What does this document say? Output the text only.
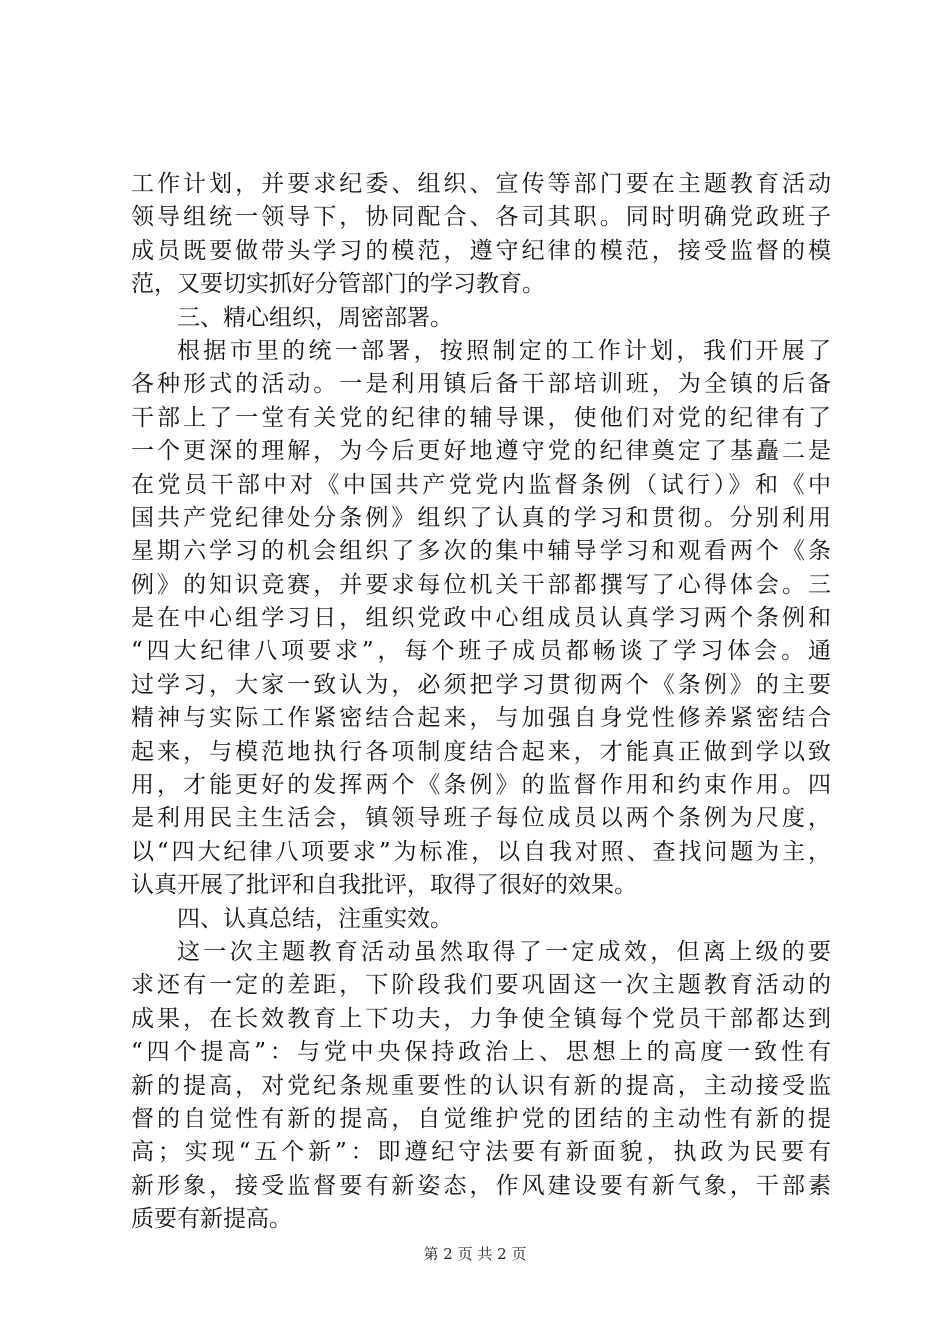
工作计划，并要求纪委、组织、宣传等部门要在主题教育活动
领导组统一领导下，协同配合、各司其职。同时明确党政班子
成员既要做带头学习的模范，遵守纪律的模范，接受监督的模
范，又要切实抓好分管部门的学习教育。
三、精心组织，周密部署。
根据市里的统一部署，按照制定的工作计划，我们开展了
各种形式的活动。一是利用镇后备干部培训班，为全镇的后备
干部上了一堂有关党的纪律的辅导课，使他们对党的纪律有了
一个更深的理解，为今后更好地遵守党的纪律奠定了基矗二是
在党员干部中对《中国共产党党内监督条例（试行）》和《中
国共产党纪律处分条例》组织了认真的学习和贯彻。分别利用
星期六学习的机会组织了多次的集中辅导学习和观看两个《条
例》的知识竞赛，并要求每位机关干部都撰写了心得体会。三
是在中心组学习日，组织党政中心组成员认真学习两个条例和
“四大纪律八项要求”，每个班子成员都畅谈了学习体会。通
过学习，大家一致认为，必须把学习贯彻两个《条例》的主要
精神与实际工作紧密结合起来，与加强自身党性修养紧密结合
起来，与模范地执行各项制度结合起来，才能真正做到学以致
用，才能更好的发挥两个《条例》的监督作用和约束作用。四
是利用民主生活会，镇领导班子每位成员以两个条例为尺度，
以“四大纪律八项要求”为标准，以自我对照、查找问题为主，
认真开展了批评和自我批评，取得了很好的效果。
四、认真总结，注重实效。
这一次主题教育活动虽然取得了一定成效，但离上级的要
求还有一定的差距，下阶段我们要巩固这一次主题教育活动的
成果，在长效教育上下功夫，力争使全镇每个党员干部都达到
“四个提高”：与党中央保持政治上、思想上的高度一致性有
新的提高，对党纪条规重要性的认识有新的提高，主动接受监
督的自觉性有新的提高，自觉维护党的团结的主动性有新的提
高；实现“五个新”：即遵纪守法要有新面貌，执政为民要有
新形象，接受监督要有新姿态，作风建设要有新气象，干部素
质要有新提高。
第 2 页 共 2 页
